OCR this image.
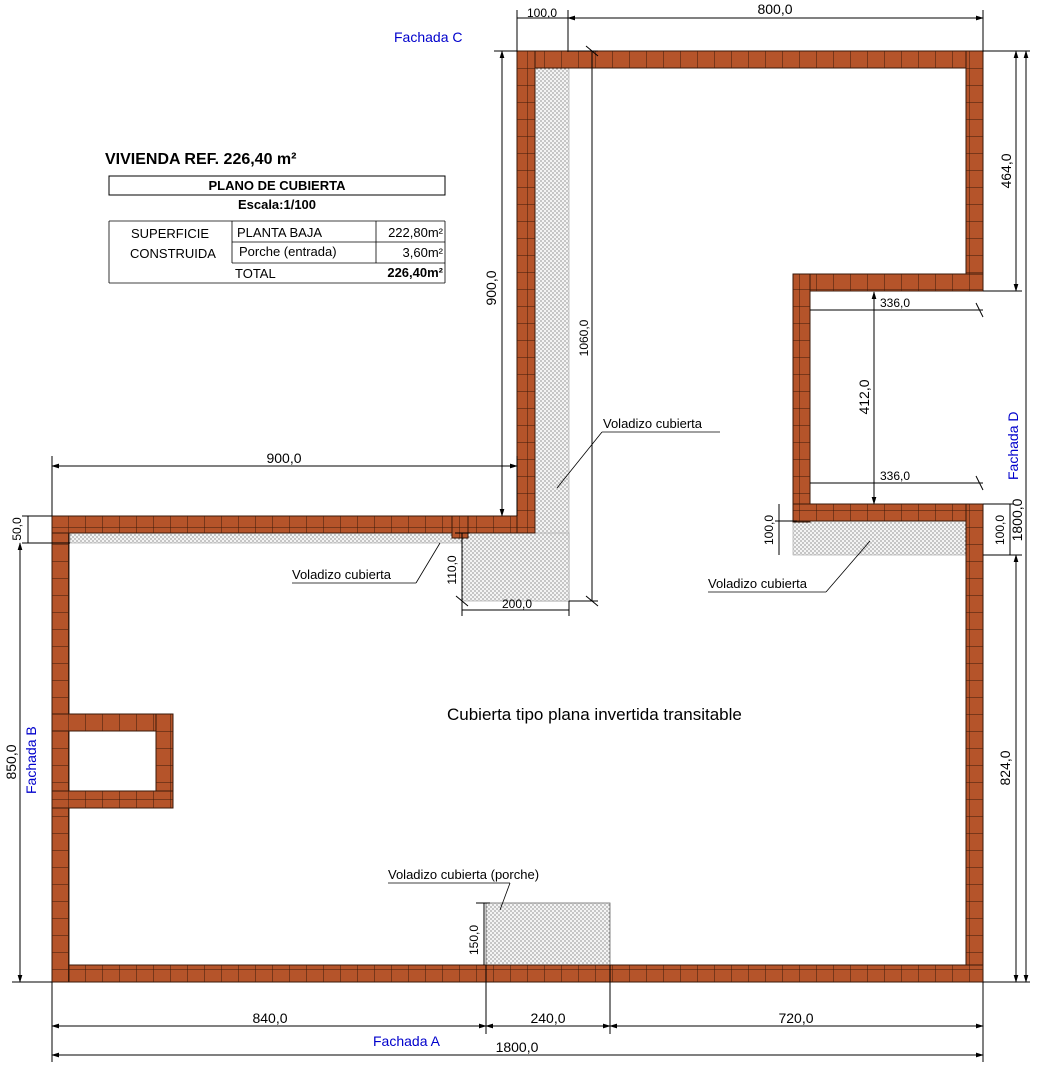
VIVIENDA REF. 226,40 m²
PLANO DE CUBIERTA
Escala:1/100
SUPERFICIE
CONSTRUIDA
PLANTA BAJA	222,80m²
Porche (entrada)	3,60m²
TOTAL	226,40m²
Fachada C
Fachada A
Fachada B
Fachada D
Cubierta tipo plana invertida transitable
Voladizo cubierta
Voladizo cubierta
Voladizo cubierta
Voladizo cubierta (porche)
100,0	800,0
464,0
336,0
412,0
336,0
100,0	100,0 1800,0
824,0
900,0
1060,0
900,0
50,0
110,0
200,0
850,0
150,0
840,0	240,0	720,0
1800,0
